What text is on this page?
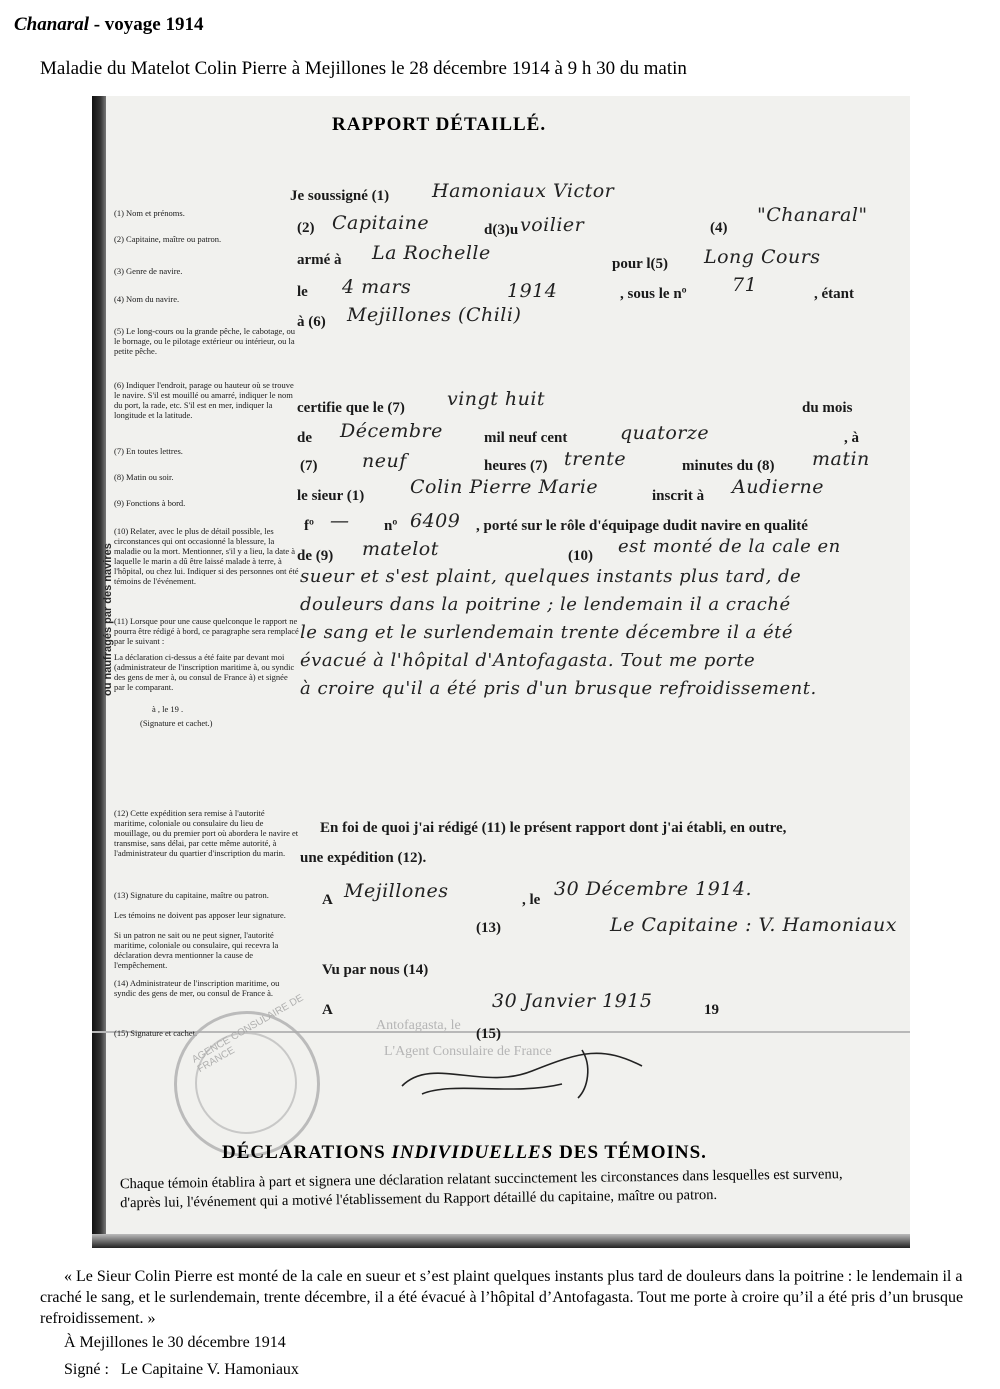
Chanaral - voyage 1914
Maladie du Matelot Colin Pierre à Mejillones le 28 décembre 1914 à 9 h 30 du matin
ou naufragés par des navires
RAPPORT DÉTAILLÉ.
(1) Nom et prénoms.
(2) Capitaine, maître ou patron.
(3) Genre de navire.
(4) Nom du navire.
(5) Le long-cours ou la grande pêche, le cabotage, ou le bornage, ou le pilotage extérieur ou intérieur, ou la petite pêche.
(6) Indiquer l'endroit, parage ou hauteur où se trouve le navire. S'il est mouillé ou amarré, indiquer le nom du port, la rade, etc. S'il est en mer, indiquer la longitude et la latitude.
(7) En toutes lettres.
(8) Matin ou soir.
(9) Fonctions à bord.
(10) Relater, avec le plus de détail possible, les circonstances qui ont occasionné la blessure, la maladie ou la mort. Mentionner, s'il y a lieu, la date à laquelle le marin a dû être laissé malade à terre, à l'hôpital, ou chez lui. Indiquer si des personnes ont été témoins de l'événement.
(11) Lorsque pour une cause quelconque le rapport ne pourra être rédigé à bord, ce paragraphe sera remplacé par le suivant :
La déclaration ci-dessus a été faite par devant moi (administrateur de l'inscription maritime à, ou syndic des gens de mer à, ou consul de France à) et signée par le comparant.
à , le 19 .
(Signature et cachet.)
(12) Cette expédition sera remise à l'autorité maritime, coloniale ou consulaire du lieu de mouillage, ou du premier port où abordera le navire et transmise, sans délai, par cette même autorité, à l'administrateur du quartier d'inscription du marin.
(13) Signature du capitaine, maître ou patron.
Les témoins ne doivent pas apposer leur signature.
Si un patron ne sait ou ne peut signer, l'autorité maritime, coloniale ou consulaire, qui recevra la déclaration devra mentionner la cause de l'empêchement.
(14) Administrateur de l'inscription maritime, ou syndic des gens de mer, ou consul de France à.
(15) Signature et cachet.
Je soussigné (1) Hamoniaux Victor
(2) Capitaine	d(3)u voilier	(4)
"Chanaral"
armé à La Rochelle	pour l(5) Long Cours
le 4 mars	1914	, sous le nº 71	, étant
à (6) Mejillones (Chili)
certifie que le (7) vingt huit	du mois
de Décembre	mil neuf cent	quatorze	, à
(7) neuf	heures (7) trente	minutes du (8) matin
le sieur (1) Colin Pierre Marie	inscrit à Audierne
fº — nº 6409 , porté sur le rôle d'équipage dudit navire en qualité
de (9) matelot	(10) est monté de la cale en
sueur et s'est plaint, quelques instants plus tard, de
douleurs dans la poitrine ; le lendemain il a craché
le sang et le surlendemain trente décembre il a été
évacué à l'hôpital d'Antofagasta. Tout me porte
à croire qu'il a été pris d'un brusque refroidissement.
En foi de quoi j'ai rédigé (11) le présent rapport dont j'ai établi, en outre,
une expédition (12).
A Mejillones	, le 30 Décembre 1914.
(13)	Le Capitaine : V. Hamoniaux
Vu par nous (14)
A	30 Janvier 1915	19
(15)
Antofagasta, le
L'Agent Consulaire de France
AGENCE CONSULAIRE DE FRANCE
DÉCLARATIONS INDIVIDUELLES DES TÉMOINS.
Chaque témoin établira à part et signera une déclaration relatant succinctement les circonstances dans lesquelles est survenu, d'après lui, l'événement qui a motivé l'établissement du Rapport détaillé du capitaine, maître ou patron.
« Le Sieur Colin Pierre est monté de la cale en sueur et s’est plaint quelques instants plus tard de douleurs dans la poitrine : le lendemain il a craché le sang, et le surlendemain, trente décembre, il a été évacué à l’hôpital d’Antofagasta. Tout me porte à croire qu’il a été pris d’un brusque refroidissement. »
À Mejillones le 30 décembre 1914
Signé : Le Capitaine V. Hamoniaux
